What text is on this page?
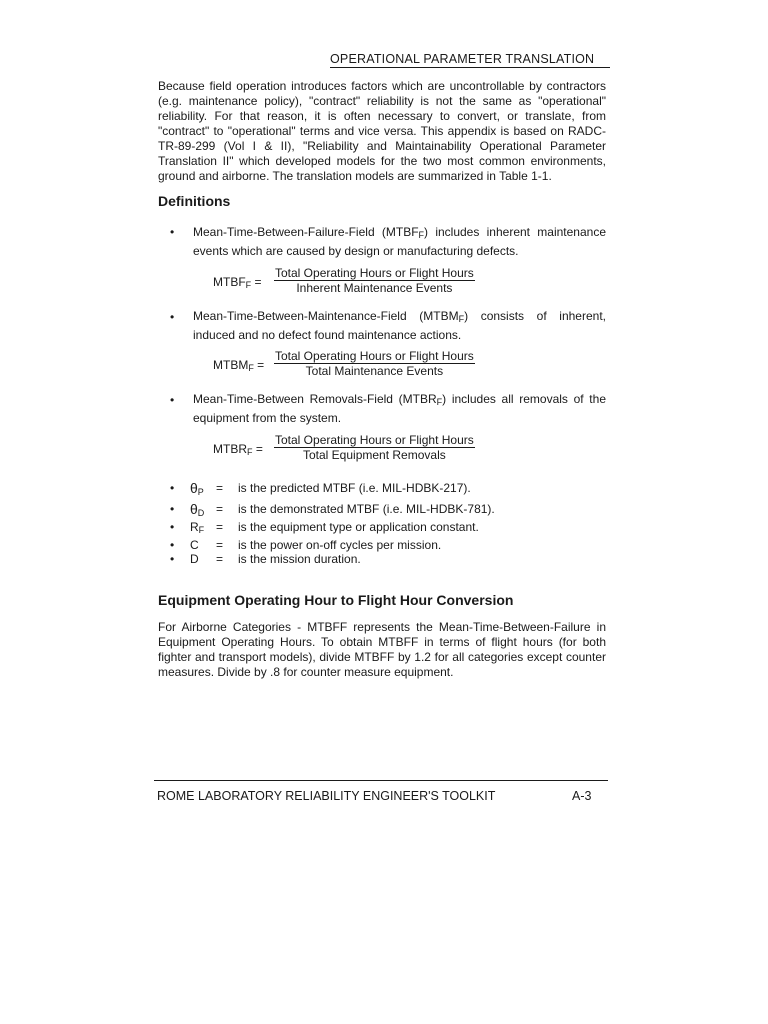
OPERATIONAL PARAMETER TRANSLATION

Because field operation introduces factors which are uncontrollable by contractors (e.g. maintenance policy), "contract" reliability is not the same as "operational" reliability. For that reason, it is often necessary to convert, or translate, from "contract" to "operational" terms and vice versa. This appendix is based on RADC-TR-89-299 (Vol I & II), "Reliability and Maintainability Operational Parameter Translation II" which developed models for the two most common environments, ground and airborne. The translation models are summarized in Table 1-1.

Definitions
• Mean-Time-Between-Failure-Field $(MTBF_F)$ includes inherent maintenance events which are caused by design or manufacturing defects.

$MTBF_F$ =
Total Operating Hours or Flight Hours
Inherent Maintenance Events
• Mean-Time-Between-Maintenance-Field $(MTBM_F)$ consists of inherent, induced and no defect found maintenance actions.

$MTBM_F$ =
Total Operating Hours or Flight Hours
Total Maintenance Events
• Mean-Time-Between Removals-Field $(MTBR_F)$ includes all removals of the equipment from the system.

$MTBR_F$ =
Total Operating Hours or Flight Hours
Total Equipment Removals
• $\theta_P$ = is the predicted MTBF (i.e. MIL-HDBK-217).
• $\theta_D$ = is the demonstrated MTBF (i.e. MIL-HDBK-781).
• $R_F$ = is the equipment type or application constant.
• C = is the power on-off cycles per mission.
• D = is the mission duration.
Equipment Operating Hour to Flight Hour Conversion

For Airborne Categories - MTBFF represents the Mean-Time-Between-Failure in Equipment Operating Hours. To obtain MTBFF in terms of flight hours (for both fighter and transport models), divide MTBFF by 1.2 for all categories except counter measures. Divide by .8 for counter measure equipment.

ROME LABORATORY RELIABILITY ENGINEER'S TOOLKIT	A-3
